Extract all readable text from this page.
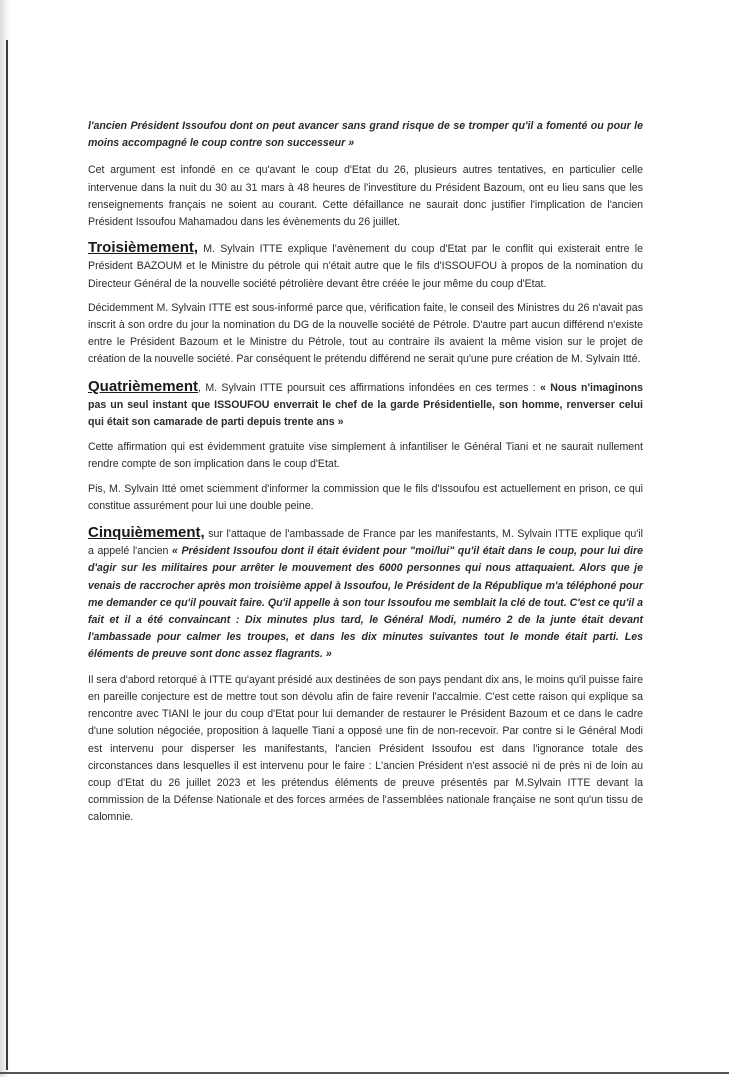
l'ancien Président Issoufou dont on peut avancer sans grand risque de se tromper qu'il a fomenté ou pour le moins accompagné le coup contre son successeur »

Cet argument est infondé en ce qu'avant le coup d'Etat du 26, plusieurs autres tentatives, en particulier celle intervenue dans la nuit du 30 au 31 mars à 48 heures de l'investiture du Président Bazoum, ont eu lieu sans que les renseignements français ne soient au courant. Cette défaillance ne saurait donc justifier l'implication de l'ancien Président Issoufou Mahamadou dans les évènements du 26 juillet.

Troisièmement, M. Sylvain ITTE explique l'avènement du coup d'Etat par le conflit qui existerait entre le Président BAZOUM et le Ministre du pétrole qui n'était autre que le fils d'ISSOUFOU à propos de la nomination du Directeur Général de la nouvelle société pétrolière devant être créée le jour même du coup d'Etat.

Décidemment M. Sylvain ITTE est sous-informé parce que, vérification faite, le conseil des Ministres du 26 n'avait pas inscrit à son ordre du jour la nomination du DG de la nouvelle société de Pétrole. D'autre part aucun différend n'existe entre le Président Bazoum et le Ministre du Pétrole, tout au contraire ils avaient la même vision sur le projet de création de la nouvelle société. Par conséquent le prétendu différend ne serait qu'une pure création de M. Sylvain Itté.

Quatrièmement, M. Sylvain ITTE poursuit ces affirmations infondées en ces termes : « Nous n'imaginons pas un seul instant que ISSOUFOU enverrait le chef de la garde Présidentielle, son homme, renverser celui qui était son camarade de parti depuis trente ans »

Cette affirmation qui est évidemment gratuite vise simplement à infantiliser le Général Tiani et ne saurait nullement rendre compte de son implication dans le coup d'Etat.

Pis, M. Sylvain Itté omet sciemment d'informer la commission que le fils d'Issoufou est actuellement en prison, ce qui constitue assurément pour lui une double peine.

Cinquièmement, sur l'attaque de l'ambassade de France par les manifestants, M. Sylvain ITTE explique qu'il a appelé l'ancien « Président Issoufou dont il était évident pour "moi/lui" qu'il était dans le coup, pour lui dire d'agir sur les militaires pour arrêter le mouvement des 6000 personnes qui nous attaquaient. Alors que je venais de raccrocher après mon troisième appel à Issoufou, le Président de la République m'a téléphoné pour me demander ce qu'il pouvait faire. Qu'il appelle à son tour Issoufou me semblait la clé de tout. C'est ce qu'il a fait et il a été convaincant : Dix minutes plus tard, le Général Modi, numéro 2 de la junte était devant l'ambassade pour calmer les troupes, et dans les dix minutes suivantes tout le monde était parti. Les éléments de preuve sont donc assez flagrants. »

Il sera d'abord retorqué à ITTE qu'ayant présidé aux destinées de son pays pendant dix ans, le moins qu'il puisse faire en pareille conjecture est de mettre tout son dévolu afin de faire revenir l'accalmie. C'est cette raison qui explique sa rencontre avec TIANI le jour du coup d'Etat pour lui demander de restaurer le Président Bazoum et ce dans le cadre d'une solution négociée, proposition à laquelle Tiani a opposé une fin de non-recevoir. Par contre si le Général Modi est intervenu pour disperser les manifestants, l'ancien Président Issoufou est dans l'ignorance totale des circonstances dans lesquelles il est intervenu pour le faire : L'ancien Président n'est associé ni de près ni de loin au coup d'Etat du 26 juillet 2023 et les prétendus éléments de preuve présentés par M.Sylvain ITTE devant la commission de la Défense Nationale et des forces armées de l'assemblées nationale française ne sont qu'un tissu de calomnie.
